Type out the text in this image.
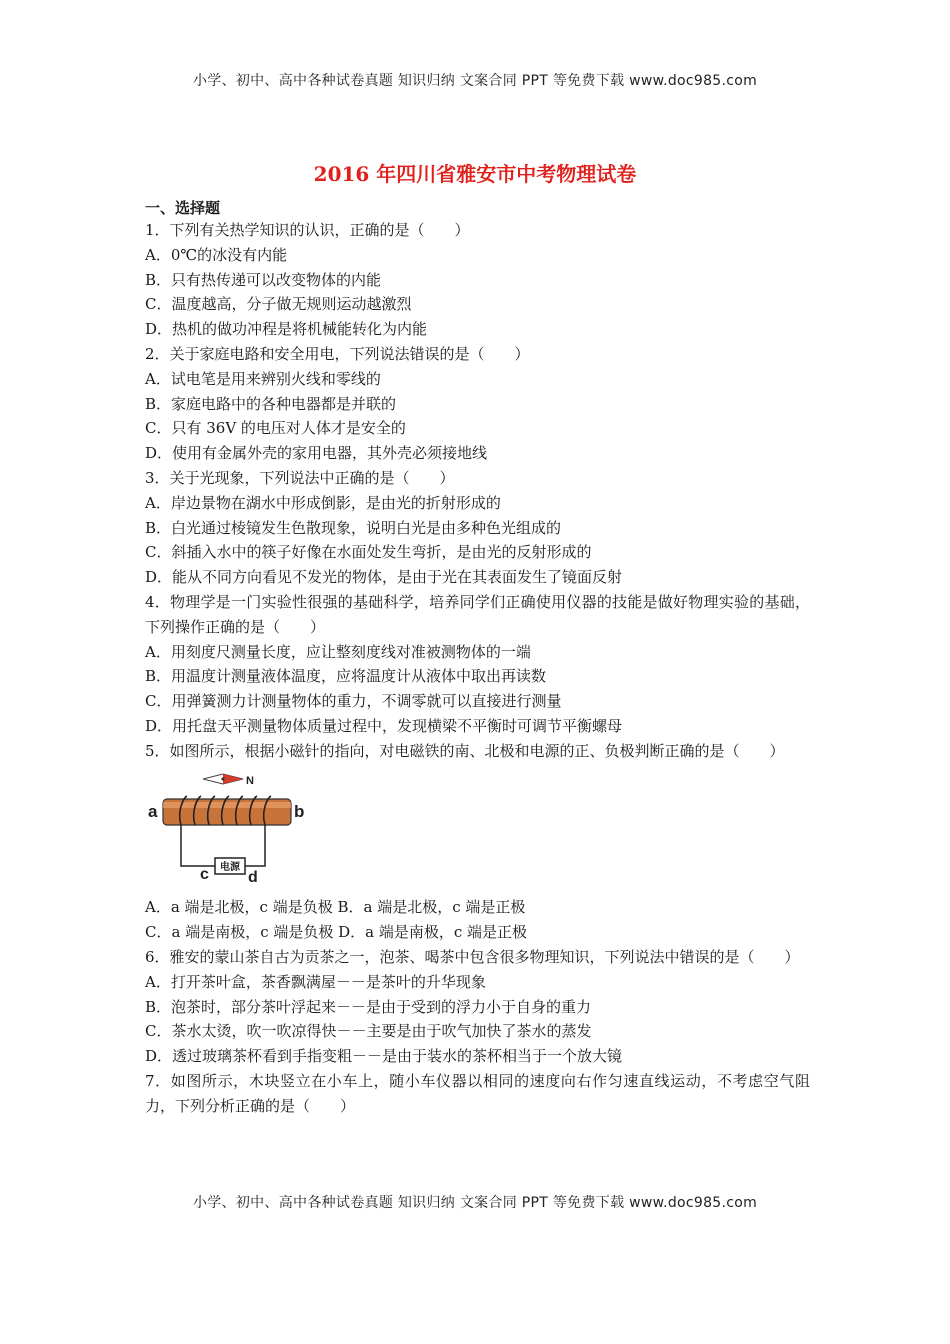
小学、初中、高中各种试卷真题 知识归纳 文案合同 PPT 等免费下载 www.doc985.com
2016 年四川省雅安市中考物理试卷
一、选择题
1．下列有关热学知识的认识，正确的是（　　）
A．0℃的冰没有内能
B．只有热传递可以改变物体的内能
C．温度越高，分子做无规则运动越激烈
D．热机的做功冲程是将机械能转化为内能
2．关于家庭电路和安全用电，下列说法错误的是（　　）
A．试电笔是用来辨别火线和零线的
B．家庭电路中的各种电器都是并联的
C．只有 36V 的电压对人体才是安全的
D．使用有金属外壳的家用电器，其外壳必须接地线
3．关于光现象，下列说法中正确的是（　　）
A．岸边景物在湖水中形成倒影，是由光的折射形成的
B．白光通过棱镜发生色散现象，说明白光是由多种色光组成的
C．斜插入水中的筷子好像在水面处发生弯折，是由光的反射形成的
D．能从不同方向看见不发光的物体，是由于光在其表面发生了镜面反射
4．物理学是一门实验性很强的基础科学，培养同学们正确使用仪器的技能是做好物理实验的基础，下列操作正确的是（　　）
A．用刻度尺测量长度，应让整刻度线对准被测物体的一端
B．用温度计测量液体温度，应将温度计从液体中取出再读数
C．用弹簧测力计测量物体的重力，不调零就可以直接进行测量
D．用托盘天平测量物体质量过程中，发现横梁不平衡时可调节平衡螺母
5．如图所示，根据小磁针的指向，对电磁铁的南、北极和电源的正、负极判断正确的是（　　）
N
a	b
电源
c d
A．a 端是北极，c 端是负极 B．a 端是北极，c 端是正极
C．a 端是南极，c 端是负极 D．a 端是南极，c 端是正极
6．雅安的蒙山茶自古为贡茶之一，泡茶、喝茶中包含很多物理知识，下列说法中错误的是（　　）
A．打开茶叶盒，茶香飘满屋－－是茶叶的升华现象
B．泡茶时，部分茶叶浮起来－－是由于受到的浮力小于自身的重力
C．茶水太烫，吹一吹凉得快－－主要是由于吹气加快了茶水的蒸发
D．透过玻璃茶杯看到手指变粗－－是由于装水的茶杯相当于一个放大镜
7．如图所示，木块竖立在小车上，随小车仪器以相同的速度向右作匀速直线运动，不考虑空气阻力，下列分析正确的是（　　）
小学、初中、高中各种试卷真题 知识归纳 文案合同 PPT 等免费下载 www.doc985.com
